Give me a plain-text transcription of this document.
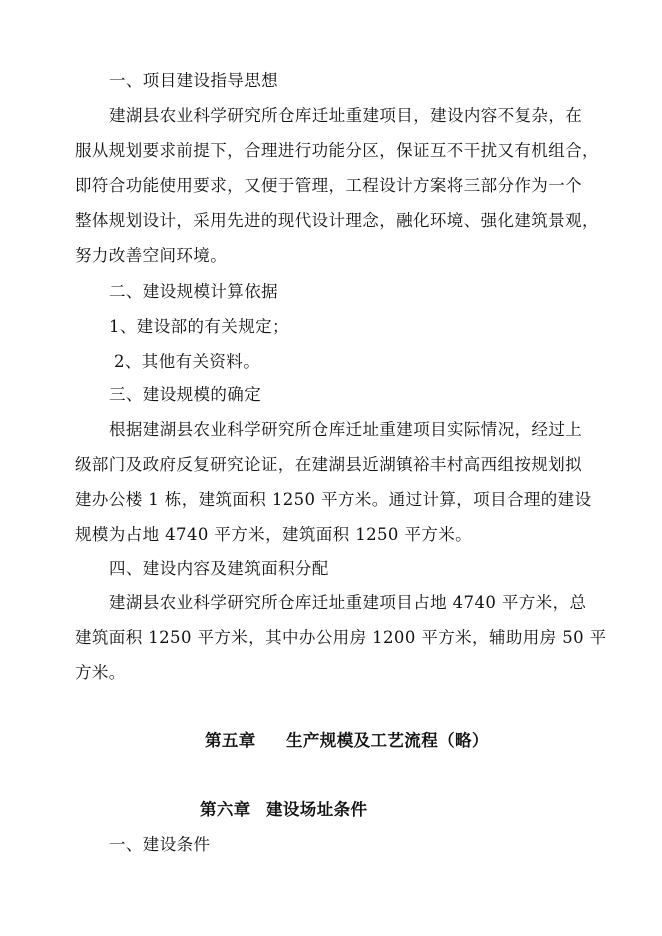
一、项目建设指导思想
建湖县农业科学研究所仓库迁址重建项目，建设内容不复杂，在
服从规划要求前提下，合理进行功能分区，保证互不干扰又有机组合，
即符合功能使用要求，又便于管理，工程设计方案将三部分作为一个
整体规划设计，采用先进的现代设计理念，融化环境、强化建筑景观，
努力改善空间环境。
二、建设规模计算依据
1、建设部的有关规定；
2、其他有关资料。
三、建设规模的确定
根据建湖县农业科学研究所仓库迁址重建项目实际情况，经过上
级部门及政府反复研究论证，在建湖县近湖镇裕丰村高西组按规划拟
建办公楼 1 栋，建筑面积 1250 平方米。通过计算，项目合理的建设
规模为占地 4740 平方米，建筑面积 1250 平方米。
四、建设内容及建筑面积分配
建湖县农业科学研究所仓库迁址重建项目占地 4740 平方米，总
建筑面积 1250 平方米，其中办公用房 1200 平方米，辅助用房 50 平
方米。
第五章 生产规模及工艺流程（略）
第六章 建设场址条件
一、建设条件
